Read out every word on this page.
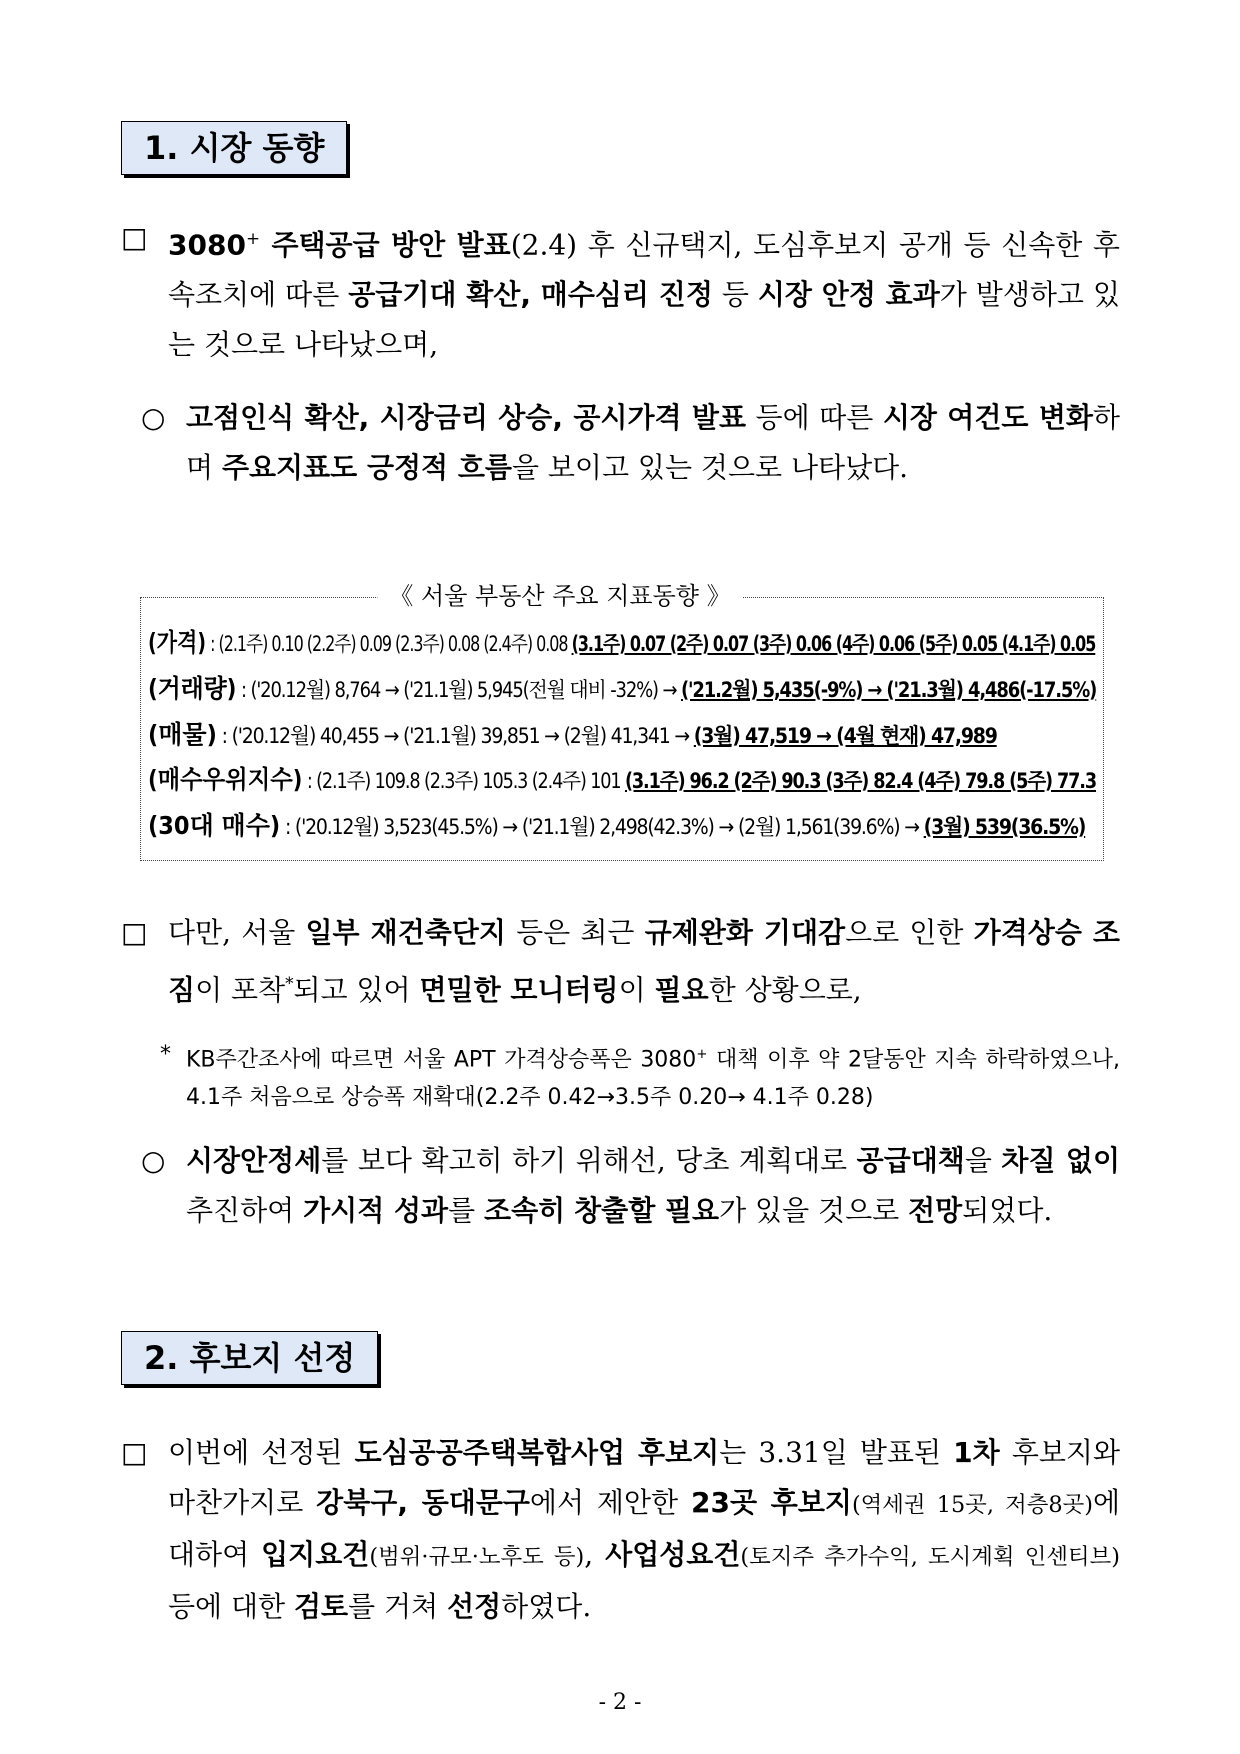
1. 시장 동향
□ 3080+ 주택공급 방안 발표(2.4) 후 신규택지, 도심후보지 공개 등 신속한 후속조치에 따른 공급기대 확산, 매수심리 진정 등 시장 안정 효과가 발생하고 있는 것으로 나타났으며,
○ 고점인식 확산, 시장금리 상승, 공시가격 발표 등에 따른 시장 여건도 변화하며 주요지표도 긍정적 흐름을 보이고 있는 것으로 나타났다.
《 서울 부동산 주요 지표동향 》
(가격) : (2.1주) 0.10 (2.2주) 0.09 (2.3주) 0.08 (2.4주) 0.08 (3.1주) 0.07 (2주) 0.07 (3주) 0.06 (4주) 0.06 (5주) 0.05 (4.1주) 0.05
(거래량) : ('20.12월) 8,764 → ('21.1월) 5,945(전월 대비 -32%) → ('21.2월) 5,435(-9%) → ('21.3월) 4,486(-17.5%)
(매물) : ('20.12월) 40,455 → ('21.1월) 39,851 → (2월) 41,341 → (3월) 47,519 → (4월 현재) 47,989
(매수우위지수) : (2.1주) 109.8 (2.3주) 105.3 (2.4주) 101 (3.1주) 96.2 (2주) 90.3 (3주) 82.4 (4주) 79.8 (5주) 77.3
(30대 매수) : ('20.12월) 3,523(45.5%) → ('21.1월) 2,498(42.3%) → (2월) 1,561(39.6%) → (3월) 539(36.5%)
□ 다만, 서울 일부 재건축단지 등은 최근 규제완화 기대감으로 인한 가격상승 조짐이 포착*되고 있어 면밀한 모니터링이 필요한 상황으로,
* KB주간조사에 따르면 서울 APT 가격상승폭은 3080+ 대책 이후 약 2달동안 지속 하락하였으나, 4.1주 처음으로 상승폭 재확대(2.2주 0.42→3.5주 0.20→ 4.1주 0.28)
○ 시장안정세를 보다 확고히 하기 위해선, 당초 계획대로 공급대책을 차질 없이 추진하여 가시적 성과를 조속히 창출할 필요가 있을 것으로 전망되었다.
2. 후보지 선정
□ 이번에 선정된 도심공공주택복합사업 후보지는 3.31일 발표된 1차 후보지와 마찬가지로 강북구, 동대문구에서 제안한 23곳 후보지(역세권 15곳, 저층8곳)에 대하여 입지요건(범위·규모·노후도 등), 사업성요건(토지주 추가수익, 도시계획 인센티브) 등에 대한 검토를 거쳐 선정하였다.
- 2 -
